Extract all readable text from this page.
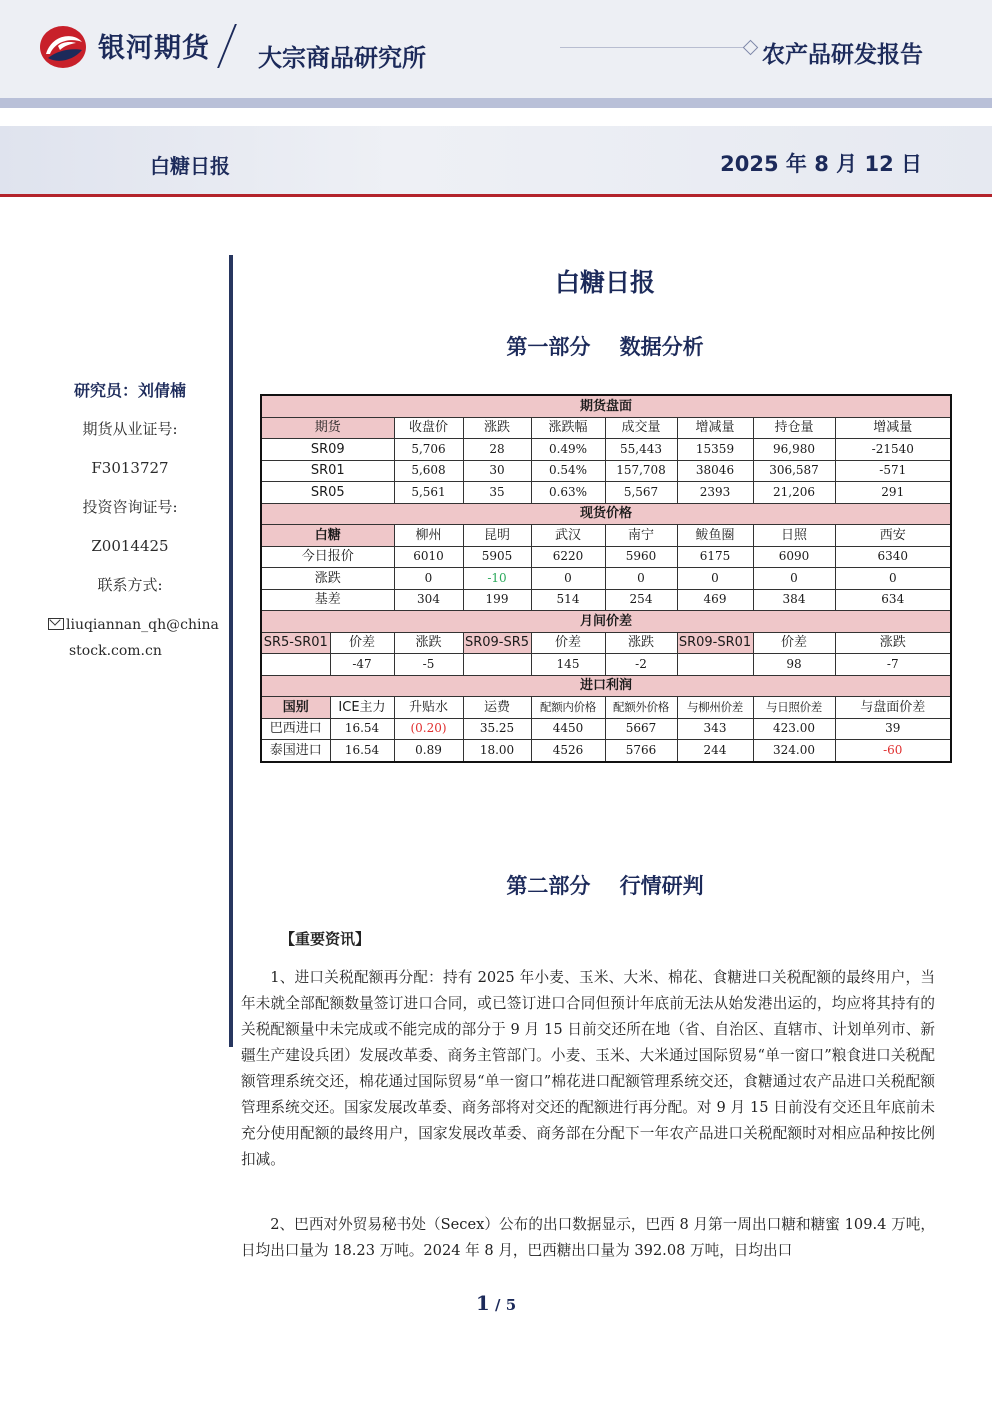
银河期货 大宗商品研究所	农产品研发报告
白糖日报	2025 年 8 月 12 日
研究员：刘倩楠
期货从业证号:
F3013727
投资咨询证号:
Z0014425
联系方式:
liuqiannan_qh@china
stock.com.cn
白糖日报
第一部分    数据分析
期货盘面								
期货		收盘价	涨跌	涨跌幅	成交量	增减量	持仓量	增减量
SR09		5,706	28	0.49%	55,443	15359	96,980	-21540
SR01		5,608	30	0.54%	157,708	38046	306,587	-571
SR05		5,561	35	0.63%	5,567	2393	21,206	291
现货价格								
白糖		柳州	昆明	武汉	南宁	鲅鱼圈	日照	西安
今日报价		6010	5905	6220	5960	6175	6090	6340
涨跌		0	-10	0	0	0	0	0
基差		304	199	514	254	469	384	634
月间价差								
SR5-SR01	价差	涨跌	SR09-SR5	价差	涨跌	SR09-SR01	价差	涨跌
	-47	-5		145	-2		98	-7
进口利润								
国别	ICE主力	升贴水	运费	配额内价格	配额外价格	与柳州价差	与日照价差	与盘面价差
巴西进口	16.54	(0.20)	35.25	4450	5667	343	423.00	39
泰国进口	16.54	0.89	18.00	4526	5766	244	324.00	-60
第二部分    行情研判
【重要资讯】

1、进口关税配额再分配：持有 2025 年小麦、玉米、大米、棉花、食糖进口关税配额的最终用户，当年未就全部配额数量签订进口合同，或已签订进口合同但预计年底前无法从始发港出运的，均应将其持有的关税配额量中未完成或不能完成的部分于 9 月 15 日前交还所在地（省、自治区、直辖市、计划单列市、新疆生产建设兵团）发展改革委、商务主管部门。小麦、玉米、大米通过国际贸易“单一窗口”粮食进口关税配额管理系统交还，棉花通过国际贸易“单一窗口”棉花进口配额管理系统交还，食糖通过农产品进口关税配额管理系统交还。国家发展改革委、商务部将对交还的配额进行再分配。对 9 月 15 日前没有交还且年底前未充分使用配额的最终用户，国家发展改革委、商务部在分配下一年农产品进口关税配额时对相应品种按比例扣减。

2、巴西对外贸易秘书处（Secex）公布的出口数据显示，巴西 8 月第一周出口糖和糖蜜 109.4 万吨，日均出口量为 18.23 万吨。2024 年 8 月，巴西糖出口量为 392.08 万吨，日均出口

1 / 5
